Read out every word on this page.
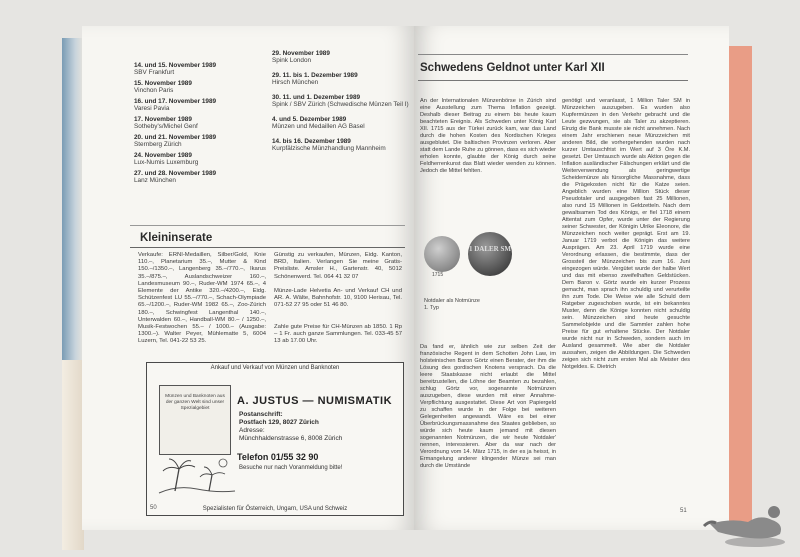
14. und 15. November 1989
SBV Frankfurt
15. November 1989
Vinchon Paris
16. und 17. November 1989
Varesi Pavia
17. November 1989
Sotheby's/Michel Genf
20. und 21. November 1989
Sternberg Zürich
24. November 1989
Lux-Numis Luxemburg
27. und 28. November 1989
Lanz München
29. November 1989
Spink London
29. 11. bis 1. Dezember 1989
Hirsch München
30. 11. und 1. Dezember 1989
Spink / SBV Zürich (Schwedische Münzen Teil I)
4. und 5. Dezember 1989
Münzen und Medaillen AG Basel
14. bis 16. Dezember 1989
Kurpfälzische Münzhandlung Mannheim
Kleininserate
Verkaufe: ERNI-Medaillen, Silber/Gold, Knie 110.–, Planetarium 35.–, Mutter & Kind 150.–/1350.–, Langenberg 35.–/770.–, Ikarus 35.–/875.–, Auslandschweizer 160.–, Landesmuseum 90.–, Ruder-WM 1974 65.–, 4 Elemente der Antike 320.–/4200.–, Eidg. Schützenfest LU 55.–/770.–, Schach-Olympiade 65.–/1200.–, Ruder-WM 1982 65.–, Zoo-Zürich 180.–, Schwingfest Langenthal 140.–, Unterwalden 60.–, Handball-WM 80.– / 1250.–, Musik-Festwochen 55.– / 1000.– (Ausgabe: 1300.–). Walter Peyer, Mühlematte 5, 6004 Luzern, Tel. 041-22 53 25.
Günstig zu verkaufen, Münzen, Eidg. Kanton, BRD, Italien. Verlangen Sie meine Gratis-Preisliste. Amsler H., Gartenstr. 40, 5012 Schönenwerd. Tel. 064 41 32 07
Münze-Lade Helvetia An- und Verkauf CH und AR. A. Wälte, Bahnhofstr. 10, 9100 Herisau, Tel. 071-52 27 95 oder 51 46 80.
Zahle gute Preise für CH-Münzen ab 1850. 1 Rp – 1 Fr. auch ganze Sammlungen. Tel. 033-45 57 13 ab 17.00 Uhr.
Ankauf und Verkauf von Münzen und Banknoten
Münzen und Banknoten aus der ganzen Welt sind unser Spezialgebiet
A. JUSTUS — NUMISMATIK
Postanschrift:
Postfach 129, 8027 Zürich
Adresse:
Münchhaldenstrasse 6, 8008 Zürich
Telefon 01/55 32 90
Besuche nur nach Voranmeldung bitte!
Spezialisten für Österreich, Ungarn, USA und Schweiz
50
Schwedens Geldnot unter Karl XII
An der Internationalen Münzenbörse in Zürich sind eine Ausstellung zum Thema Inflation gezeigt. Deshalb dieser Beitrag zu einem bis heute kaum beachteten Ereignis. Als Schweden unter König Karl XII. 1715 aus der Türkei zurück kam, war das Land durch die hohen Kosten des Nordischen Krieges ausgeblutet. Die baltischen Provinzen verloren. Aber statt dem Lande Ruhe zu gönnen, dass es sich wieder erholen konnte, glaubte der König durch seine Feldherrenkunst das Blatt wieder wenden zu können. Jedoch die Mittel fehlten.
1 DALER SM
1715
Notdaler als Notmünze 1. Typ
Da fand er, ähnlich wie zur selben Zeit der französische Regent in dem Schotten John Law, im holsteinischen Baron Görtz einen Berater, der ihm die Lösung des gordischen Knotens versprach. Da die leere Staatskasse nicht erlaubt die Mittel bereitzustellen, die Löhne der Beamten zu bezahlen, schlug Görtz vor, sogenannte Notmünzen auszugeben, diese wurden mit einer Annahme-Verpflichtung ausgestattet. Diese Art von Papiergeld zu schaffen wurde in der Folge bei weiteren Gelegenheiten angewandt. Wäre es bei einer Überbrückungsmassnahme des Staates geblieben, so würde sich heute kaum jemand mit diesen sogenannten Notmünzen, die wir heute 'Notdaler' nennen, interessieren. Aber da war nach der Verordnung vom 14. März 1715, in der es ja heisst, in Ermangelung anderer klingender Münze sei man durch die Umstände
genötigt und veranlasst, 1 Million Taler SM in Münzzeichen auszugeben. Es wurden also Kupfermünzen in den Verkehr gebracht und die Leute gezwungen, sie als Taler zu akzeptieren. Einzig die Bank musste sie nicht annehmen. Nach einem Jahr erschienen neue Münzzeichen mit anderen Bild, die vorhergehenden wurden nach kurzer Umtauschfrist im Wert auf 3 Öre K.M. gesetzt. Der Umtausch wurde als Aktion gegen die Inflation ausländischer Fälschungen erklärt und die Weiterverwendung als geringwertige Scheidemünze als fürsorgliche Massnahme, dass die Prägekosten nicht für die Katze seien. Angeblich wurden eine Million Stück dieser Pseudotaler und ausgegeben fast 25 Millionen, also rund 15 Millionen in Geldzetteln. Nach dem gewaltsamen Tod des Königs, er fiel 1718 einem Attentat zum Opfer, wurde unter der Regierung seiner Schwester, der Königin Ulrike Eleonore, die Münzzeichen noch weiter geprägt. Erst am 19. Januar 1719 verbot die Königin das weitere Ausprägen. Am 23. April 1719 wurde eine Verordnung erlassen, die bestimmte, dass der Grossteil der Münzzeichen bis zum 16. Juni eingezogen würde. Vergütet wurde der halbe Wert und das mit ebenso zweifelhaften Geldstücken. Dem Baron v. Görtz wurde ein kurzer Prozess gemacht, man sprach ihn schuldig und verurteilte ihn zum Tode. Die Weise wie alle Schuld dem Ratgeber zugeschoben wurde, ist ein bekanntes Muster, denn die Könige konnten nicht schuldig sein. Münzzeichen sind heute gesuchte Sammelobjekte und die Sammler zahlen hohe Preise für gut erhaltene Stücke. Der Notdaler wurde nicht nur in Schweden, sondern auch im Ausland gesammelt. Wie aber die Notdaler aussahen, zeigen die Abbildungen. Die Schweden zeigen sich nicht zum ersten Mal als Meister des Notgeldes. E. Dietrich
51
